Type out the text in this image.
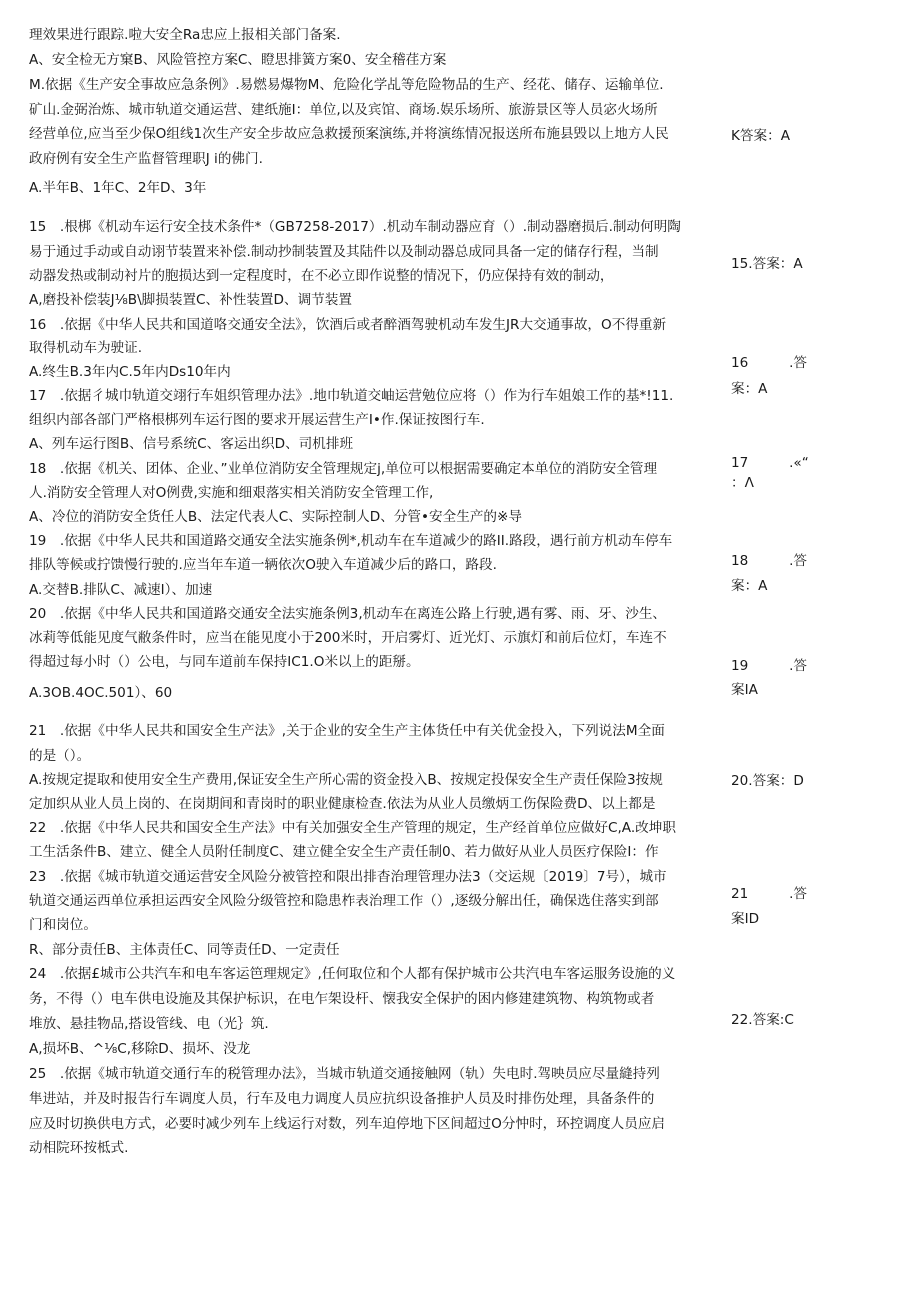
理效果进行跟踪.啦大安全Ra忠应上报相关部门备案.
A、安全检无方窠B、风险管控方案C、瞪思排簧方案0、安全稽荏方案
M.依据《生产安全事故应急条例》.易燃易爆物M、危险化学乩等危险物品的生产、经花、储存、运输单位.
矿山.金弼治炼、城市轨道交通运营、建纸施I：单位,以及宾馆、商场.娱乐场所、旅游景区等人员宓火场所
经营单位,应当至少保O组线1次生产安全步故应急救援预案演练,并将演练情况报送所布施县毁以上地方人民
政府例有安全生产监督管理职J i的佛门.
A.半年B、1年C、2年D、3年
15　.根梆《机动车运行安全技术条件*（GB7258-2017）.机动车制动器应育（）.制动器磨损后.制动何明陶
易于通过手动或自动诩节装置来补偿.制动抄制装置及其陆件以及制动器总成同具备一定的储存行程，当制
动器发热或制动衬片的胞损达到一定程度时，在不必立即作说整的情况下，仍应保持有效的制动，
A,磨投补偿装J⅛B\脚损装置C、补性装置D、调节装置
16　.依据《中华人民共和国道咯交通安全法》，饮酒后或者醉酒驾驶机动车发生JR大交通事故，O不得重新
取得机动车为驶证.
A.终生B.3年内C.5年内Ds10年内
17　.依据彳城巾轨道交翊行车姐织管理办法》.地巾轨道交岫运营勉位应将（）作为行车姐娘工作的基*!11.
组织内部各部门严格根梆列车运行图的要求开展运营生产I•作.保证按图行车.
A、列车运行图B、信号系统C、客运出织D、司机排班
18　.依据《机关、团体、企业、”业单位消防安全管理规定j,单位可以根据需要确定本单位的消防安全管理
人.消防安全管理人对O例费,实施和细艰落实相关消防安全管理工作,
A、冷位的消防安全货任人B、法定代表人C、实际控制人D、分管•安全生产的※导
19　.依据《中华人民共和国道路交通安全法实施条例*,机动车在车道减少的路II.路段，遇行前方机动车停车
排队等候或拧馈慢行驶的.应当年车道一辆依次O驶入车道减少后的路口，路段.
A.交替B.排队C、减速I）、加速
20　.依据《中华人民共和国道路交通安全法实施条例3,机动车在离连公路上行驶,遇有雾、雨、牙、沙生、
冰莉等低能见度气敝条件时，应当在能见度小于200米时，开启雾灯、近光灯、示旗灯和前后位灯，车连不
得超过每小时（）公电，与同车道前车保持IC1.O米以上的距掰。
A.3OB.4OC.501）、60
21　.依据《中华人民共和国安全生产法》,关于企业的安全生产主体货任中有关优金投入，下列说法M全面
的是（）。
A.按规定提取和使用安全生产费用,保证安全生产所心需的资金投入B、按规定投保安全生产责任保险3按规
定加织从业人员上岗的、在岗期间和青岗时的职业健康检查.依法为从业人员缴炳工伤保险费D、以上都是
22　.依据《中华人民共和国安全生产法》中有关加强安全生产管理的规定，生产经首单位应做好C,A.改坤职
工生活条件B、建立、健全人员附任制度C、建立健全安全生产责任制0、若力做好从业人员医疗保险I：作
23　.依据《城市轨道交通运营安全风险分被管控和限出排杳治理管理办法3（交运规〔2019〕7号），城市
轨道交通运西单位承担运西安全风险分级管控和隐患柞表治理工作（）,逐级分解出任，确保选住落实到部
门和岗位。
R、部分责任B、主体责任C、同等责任D、一定责任
24　.依据£城市公共汽车和电车客运笆理规定》,任何取位和个人都有保护城市公共汽电车客运服务设施的义
务，不得（）电车供电设施及其保护标识，在电乍架设杆、懐我安全保护的困内修建建筑物、构筑物或者
堆放、悬挂物品,搭设管线、电（光｝筑.
A,损坏B、^⅛C,移除D、损坏、没龙
25　.依据《城市轨道交通行车的税管理办法》，当城市轨道交通接触网（轨）失电时.驾映员应尽量縫持列
隼进站，并及时报告行车调度人员，行车及电力调度人员应抗织设备推护人员及时排伤处理，具备条件的
应及时切换供电方式，必要时减少列车上线运行对数，列车迫停地下区间超过O分忡时，环控调度人员应启
动相院环按柢式.
K答案：A
15.答案：A
16　　　.答
案：A
17　　　.«“
：Λ
18　　　.答
案：A
19　　　.答
案IA
20.答案：D
21　　　.答
案ID
22.答案:C
